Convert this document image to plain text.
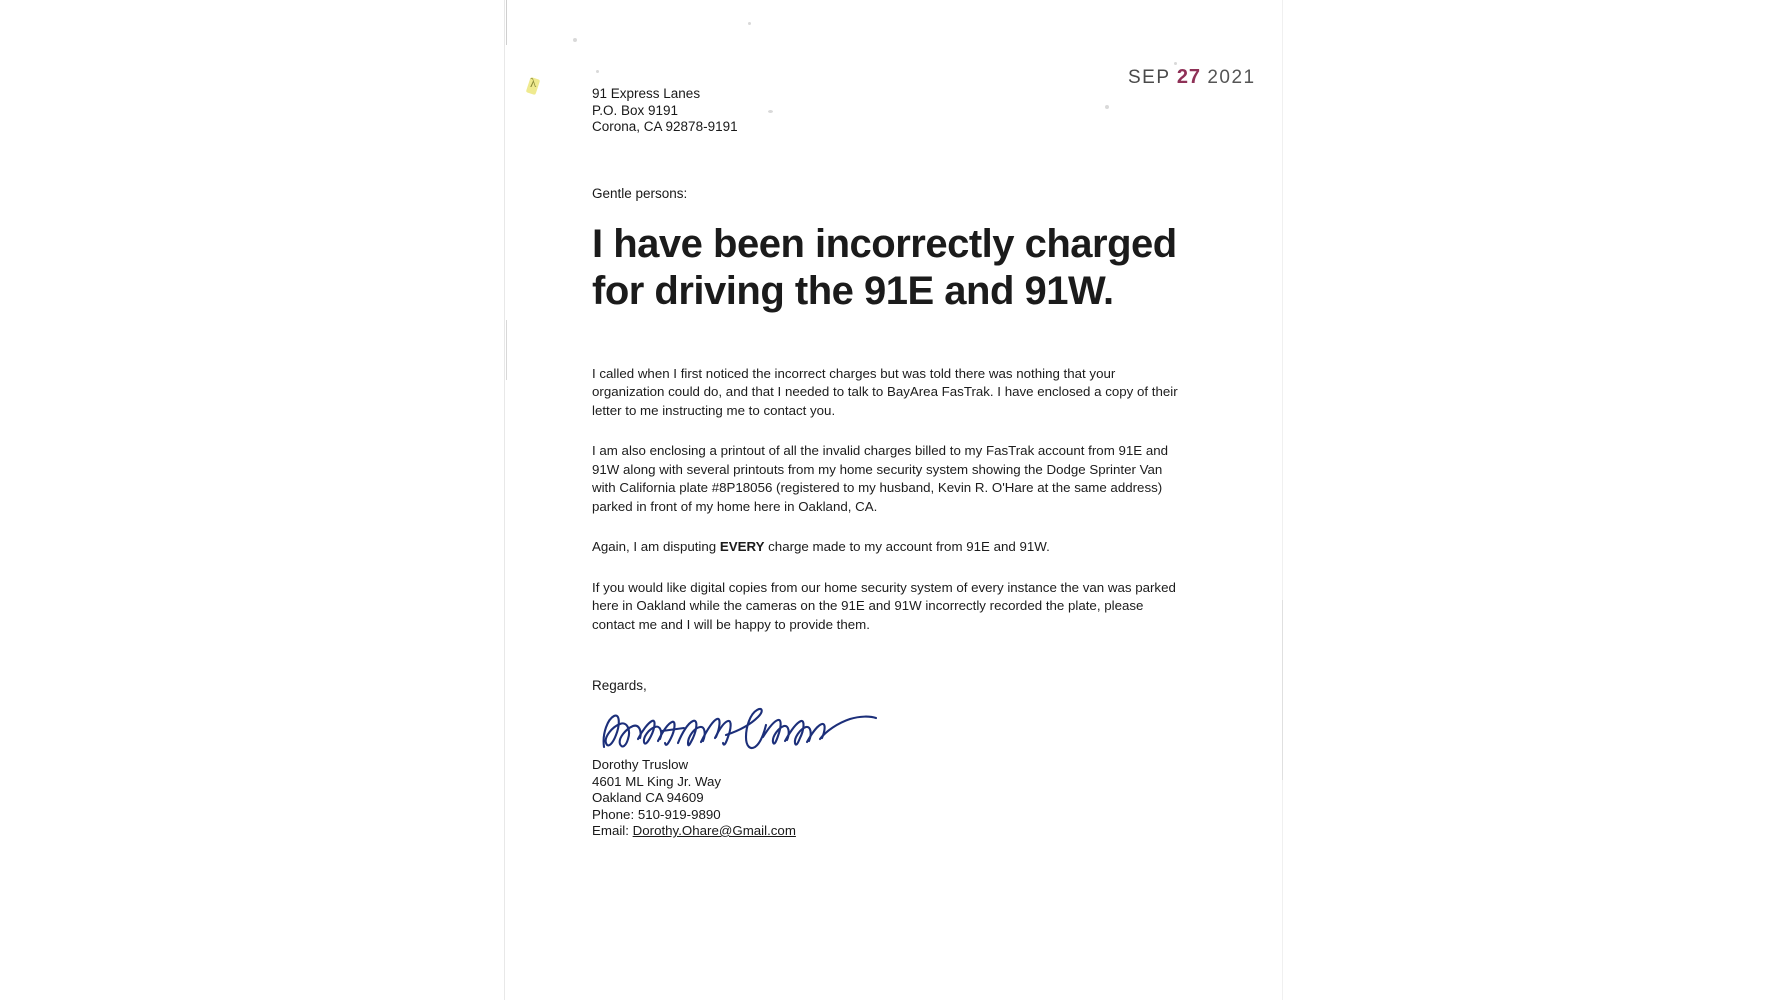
λ	SEP 27 2021
91 Express Lanes
P.O. Box 9191
Corona, CA 92878-9191
Gentle persons:
I have been incorrectly charged for driving the 91E and 91W.
I called when I first noticed the incorrect charges but was told there was nothing that your organization could do, and that I needed to talk to BayArea FasTrak. I have enclosed a copy of their letter to me instructing me to contact you.
I am also enclosing a printout of all the invalid charges billed to my FasTrak account from 91E and 91W along with several printouts from my home security system showing the Dodge Sprinter Van with California plate #8P18056 (registered to my husband, Kevin R. O'Hare at the same address) parked in front of my home here in Oakland, CA.
Again, I am disputing EVERY charge made to my account from 91E and 91W.
If you would like digital copies from our home security system of every instance the van was parked here in Oakland while the cameras on the 91E and 91W incorrectly recorded the plate, please contact me and I will be happy to provide them.
Regards,
Dorothy Truslow
4601 ML King Jr. Way
Oakland CA 94609
Phone: 510-919-9890
Email: Dorothy.Ohare@Gmail.com
